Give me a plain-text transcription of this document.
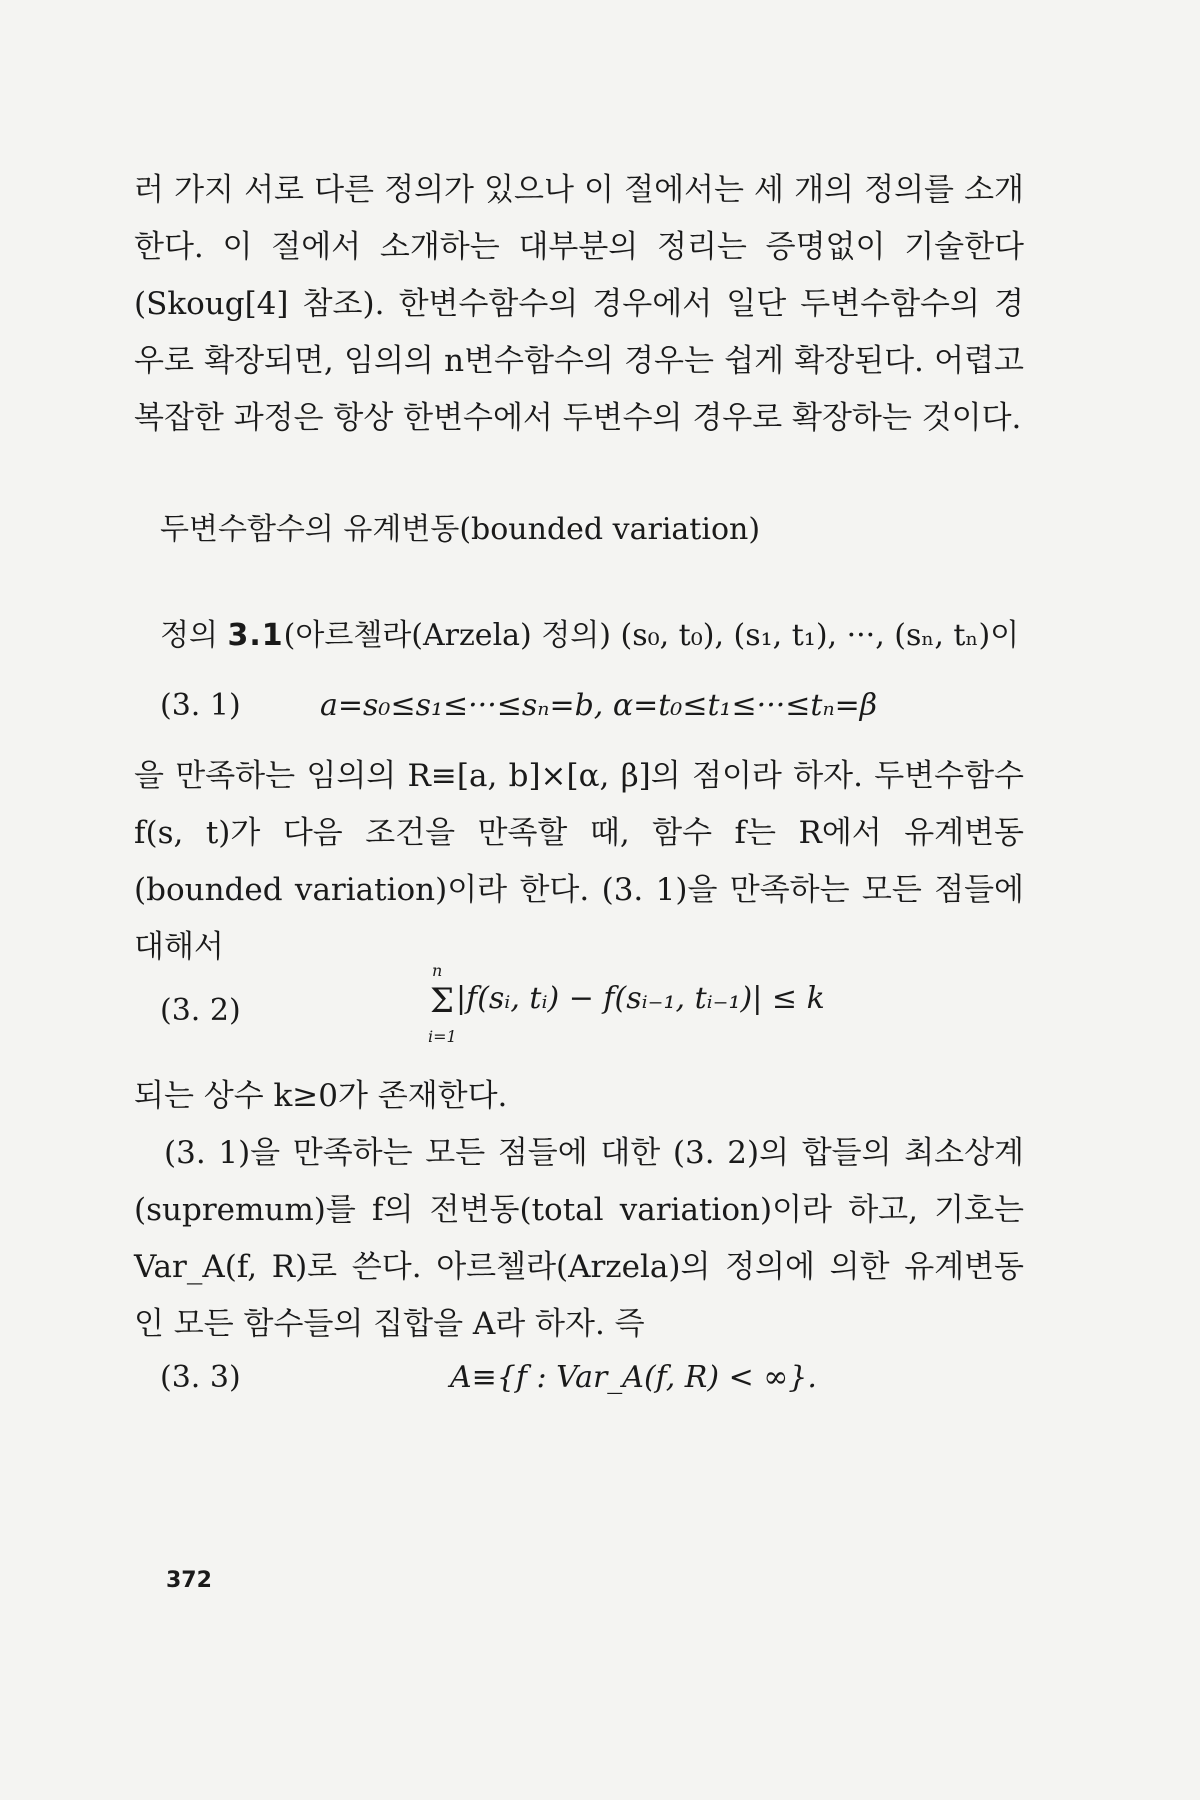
러 가지 서로 다른 정의가 있으나 이 절에서는 세 개의 정의를 소개한다. 이 절에서 소개하는 대부분의 정리는 증명없이 기술한다(Skoug[4] 참조). 한변수함수의 경우에서 일단 두변수함수의 경우로 확장되면, 임의의 n변수함수의 경우는 쉽게 확장된다. 어렵고 복잡한 과정은 항상 한변수에서 두변수의 경우로 확장하는 것이다.
두변수함수의 유계변동(bounded variation)
정의 3.1(아르첼라(Arzela) 정의) (s₀, t₀), (s₁, t₁), ···, (sₙ, tₙ)이
(3. 1)	a=s₀≤s₁≤···≤sₙ=b, α=t₀≤t₁≤···≤tₙ=β
을 만족하는 임의의 R≡[a, b]×[α, β]의 점이라 하자. 두변수함수 f(s, t)가 다음 조건을 만족할 때, 함수 f는 R에서 유계변동(bounded variation)이라 한다. (3. 1)을 만족하는 모든 점들에 대해서
(3. 2)	Σ
n
i=1
|f(sᵢ, tᵢ) − f(sᵢ₋₁, tᵢ₋₁)| ≤ k
되는 상수 k≥0가 존재한다.
(3. 1)을 만족하는 모든 점들에 대한 (3. 2)의 합들의 최소상계(supremum)를 f의 전변동(total variation)이라 하고, 기호는 Var_A(f, R)로 쓴다. 아르첼라(Arzela)의 정의에 의한 유계변동인 모든 함수들의 집합을 A라 하자. 즉
(3. 3)	A≡{f : Var_A(f, R) < ∞}.
372
